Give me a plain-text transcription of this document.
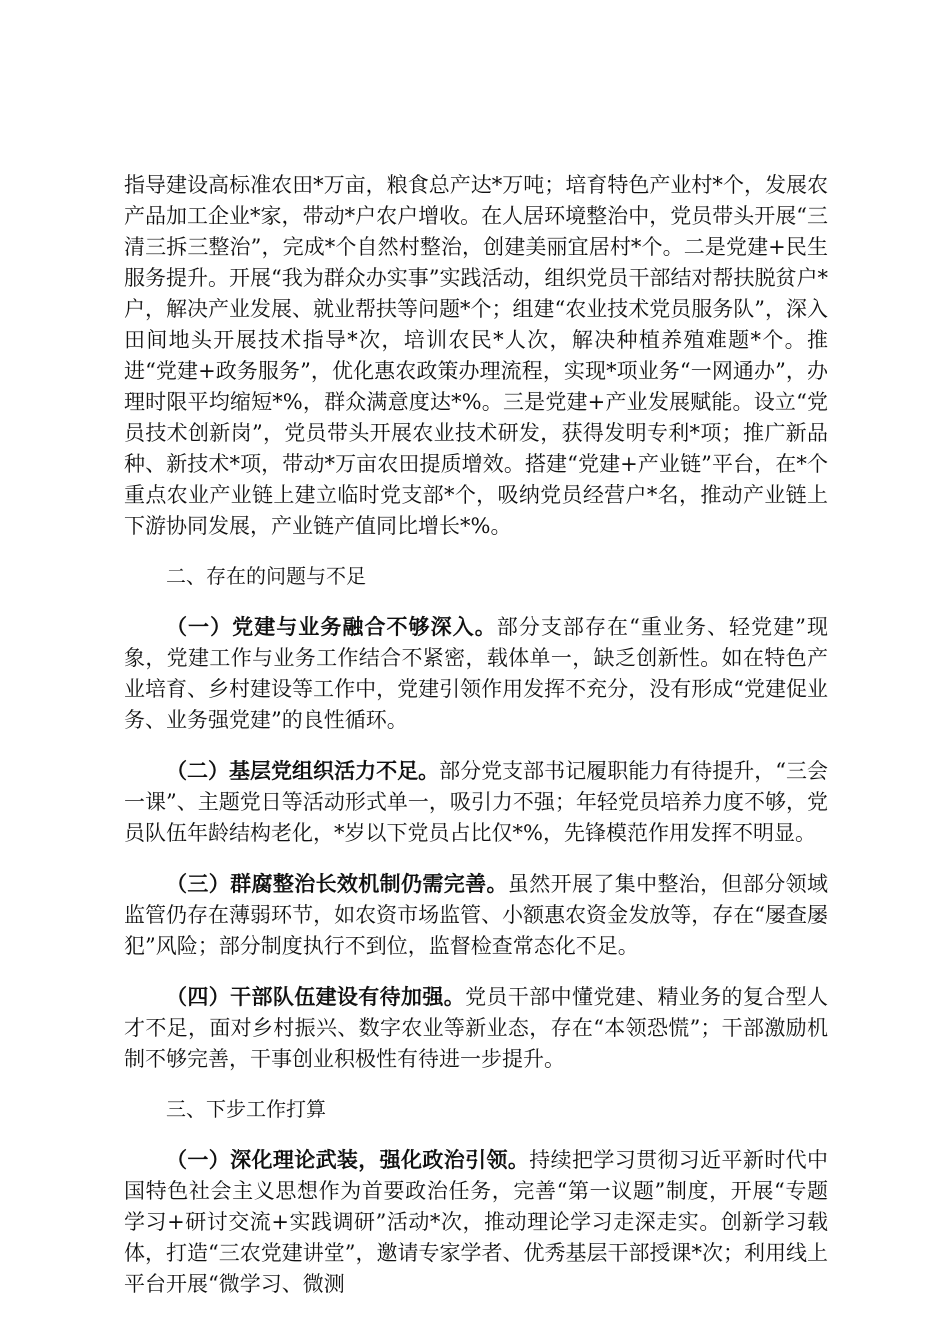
指导建设高标准农田*万亩，粮食总产达*万吨；培育特色产业村*个，发展农产品加工企业*家，带动*户农户增收。在人居环境整治中，党员带头开展“三清三拆三整治”，完成*个自然村整治，创建美丽宜居村*个。二是党建+民生服务提升。开展“我为群众办实事”实践活动，组织党员干部结对帮扶脱贫户*户，解决产业发展、就业帮扶等问题*个；组建“农业技术党员服务队”，深入田间地头开展技术指导*次，培训农民*人次，解决种植养殖难题*个。推进“党建+政务服务”，优化惠农政策办理流程，实现*项业务“一网通办”，办理时限平均缩短*%，群众满意度达*%。三是党建+产业发展赋能。设立“党员技术创新岗”，党员带头开展农业技术研发，获得发明专利*项；推广新品种、新技术*项，带动*万亩农田提质增效。搭建“党建+产业链”平台，在*个重点农业产业链上建立临时党支部*个，吸纳党员经营户*名，推动产业链上下游协同发展，产业链产值同比增长*%。

二、存在的问题与不足

（一）党建与业务融合不够深入。部分支部存在“重业务、轻党建”现象，党建工作与业务工作结合不紧密，载体单一，缺乏创新性。如在特色产业培育、乡村建设等工作中，党建引领作用发挥不充分，没有形成“党建促业务、业务强党建”的良性循环。

（二）基层党组织活力不足。部分党支部书记履职能力有待提升，“三会一课”、主题党日等活动形式单一，吸引力不强；年轻党员培养力度不够，党员队伍年龄结构老化，*岁以下党员占比仅*%，先锋模范作用发挥不明显。

（三）群腐整治长效机制仍需完善。虽然开展了集中整治，但部分领域监管仍存在薄弱环节，如农资市场监管、小额惠农资金发放等，存在“屡查屡犯”风险；部分制度执行不到位，监督检查常态化不足。

（四）干部队伍建设有待加强。党员干部中懂党建、精业务的复合型人才不足，面对乡村振兴、数字农业等新业态，存在“本领恐慌”；干部激励机制不够完善，干事创业积极性有待进一步提升。

三、下步工作打算

（一）深化理论武装，强化政治引领。持续把学习贯彻习近平新时代中国特色社会主义思想作为首要政治任务，完善“第一议题”制度，开展“专题学习+研讨交流+实践调研”活动*次，推动理论学习走深走实。创新学习载体，打造“三农党建讲堂”，邀请专家学者、优秀基层干部授课*次；利用线上平台开展“微学习、微测
